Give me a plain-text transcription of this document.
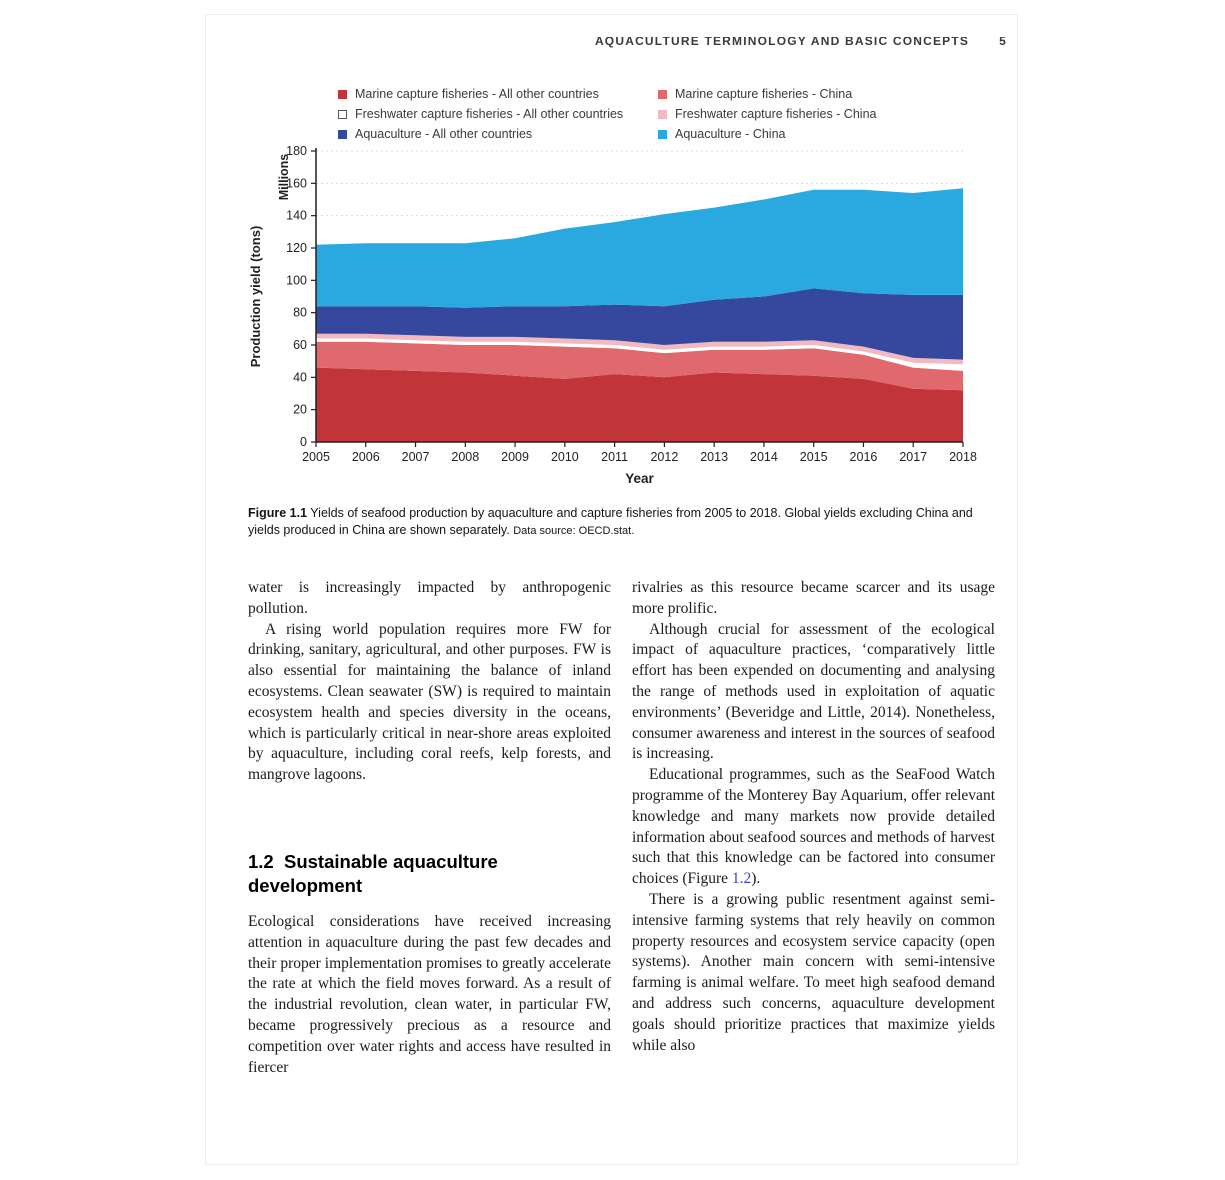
AQUACULTURE TERMINOLOGY AND BASIC CONCEPTS	5
Marine capture fisheries - All other countries	Marine capture fisheries - China
Freshwater capture fisheries - All other countries	Freshwater capture fisheries - China
Aquaculture - All other countries	Aquaculture - China
2005 2006 2007 2008 2009 2010 2011 2012 2013 2014 2015 2016 2017 2018
0
20
40
60
80
100
120
140
160
180
Production yield (tons)
Millions
Year
Figure 1.1 Yields of seafood production by aquaculture and capture fisheries from 2005 to 2018. Global yields excluding China and yields produced in China are shown separately. Data source: OECD.stat.

water is increasingly impacted by anthropogenic pollution.

A rising world population requires more FW for drinking, sanitary, agricultural, and other purposes. FW is also essential for maintaining the balance of inland ecosystems. Clean seawater (SW) is required to maintain ecosystem health and species diversity in the oceans, which is particularly critical in near-shore areas exploited by aquaculture, including coral reefs, kelp forests, and mangrove lagoons.

1.2  Sustainable aquaculture development

Ecological considerations have received increasing attention in aquaculture during the past few decades and their proper implementation promises to greatly accelerate the rate at which the field moves forward. As a result of the industrial revolution, clean water, in particular FW, became progressively precious as a resource and competition over water rights and access have resulted in fiercer

rivalries as this resource became scarcer and its usage more prolific.

Although crucial for assessment of the ecological impact of aquaculture practices, ‘comparatively little effort has been expended on documenting and analysing the range of methods used in exploitation of aquatic environments’ (Beveridge and Little, 2014). Nonetheless, consumer awareness and interest in the sources of seafood is increasing.

Educational programmes, such as the SeaFood Watch programme of the Monterey Bay Aquarium, offer relevant knowledge and many markets now provide detailed information about seafood sources and methods of harvest such that this knowledge can be factored into consumer choices (Figure 1.2).

There is a growing public resentment against semi-intensive farming systems that rely heavily on common property resources and ecosystem service capacity (open systems). Another main concern with semi-intensive farming is animal welfare. To meet high seafood demand and address such concerns, aquaculture development goals should prioritize practices that maximize yields while also
